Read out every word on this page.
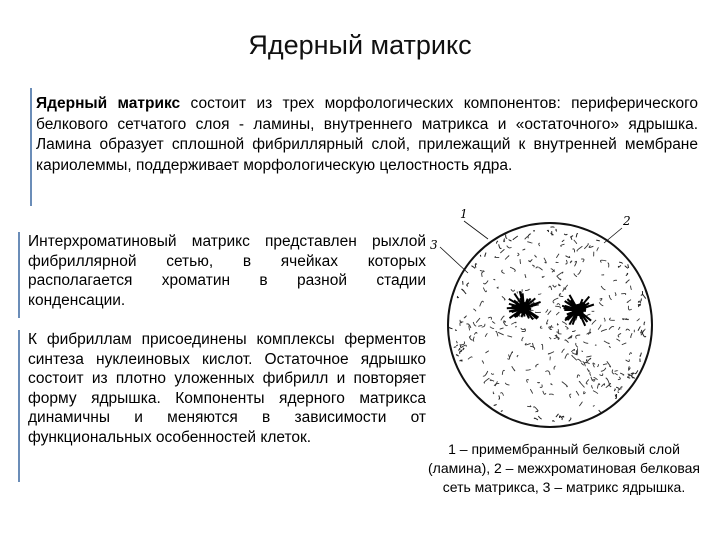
Ядерный матрикс
Ядерный матрикс состоит из трех морфологических компонентов: периферического белкового сетчатого слоя - ламины, внутреннего матрикса и «остаточного» ядрышка. Ламина образует сплошной фибриллярный слой, прилежащий к внутренней мембране кариолеммы, поддерживает морфологическую целостность ядра.
Интерхроматиновый матрикс представлен рыхлой фибриллярной сетью, в ячейках которых располагается хроматин в разной стадии конденсации.
К фибриллам присоединены комплексы ферментов синтеза нуклеиновых кислот. Остаточное ядрышко состоит из плотно уложенных фибрилл и повторяет форму ядрышка. Компоненты ядерного матрикса динамичны и меняются в зависимости от функциональных особенностей клеток.
1	2
3
1 – примембранный белковый слой (ламина), 2 – межхроматиновая белковая сеть матрикса, 3 – матрикс ядрышка.
